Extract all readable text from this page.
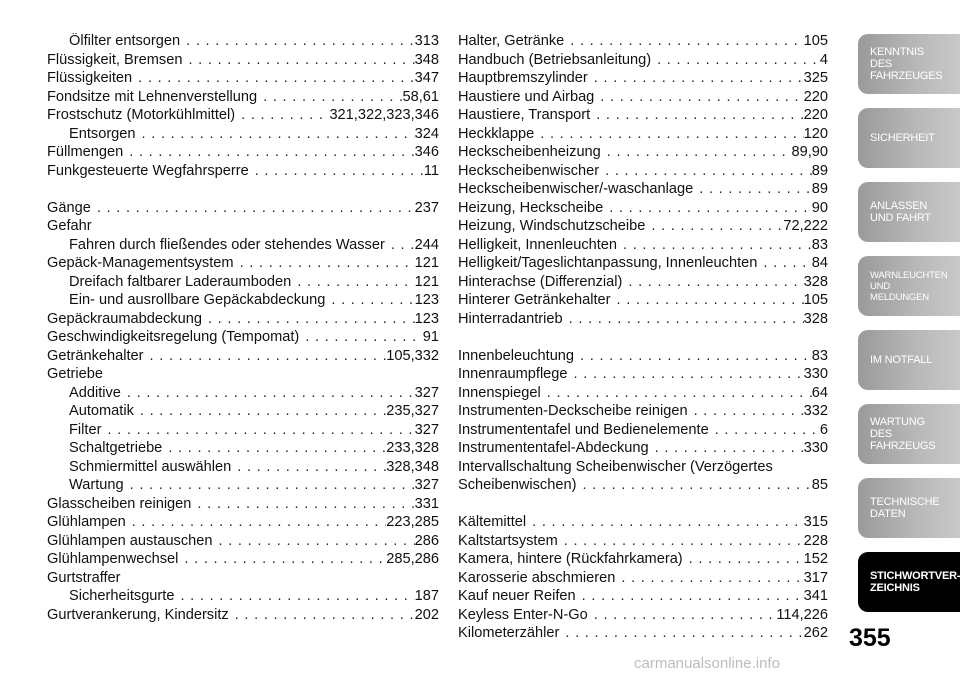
Ölfilter entsorgen . . .	313
Flüssigkeit, Bremsen . . .	348
Flüssigkeiten . . .	347
Fondsitze mit Lehnenverstellung . . .	58,61
Frostschutz (Motorkühlmittel) . . .	321,322,323,346
Entsorgen . . .	324
Füllmengen . . .	346
Funkgesteuerte Wegfahrsperre . . .	11
Gänge . . .	237
Gefahr
Fahren durch fließendes oder stehendes Wasser . . . 244
Gepäck-Managementsystem . . .	121
Dreifach faltbarer Laderaumboden . . .	121
Ein- und ausrollbare Gepäckabdeckung . . .	123
Gepäckraumabdeckung . . .	123
Geschwindigkeitsregelung (Tempomat) . . .	91
Getränkehalter . . .	105,332
Getriebe
Additive . . .	327
Automatik . . .	235,327
Filter . . .	327
Schaltgetriebe . . .	233,328
Schmiermittel auswählen . . .	328,348
Wartung . . .	327
Glasscheiben reinigen . . .	331
Glühlampen . . .	223,285
Glühlampen austauschen . . .	286
Glühlampenwechsel . . .	285,286
Gurtstraffer
Sicherheitsgurte . . .	187
Gurtverankerung, Kindersitz . . .	202
Halter, Getränke . . .	105
Handbuch (Betriebsanleitung) . . .	4
Hauptbremszylinder . . .	325
Haustiere und Airbag . . .	220
Haustiere, Transport . . .	220
Heckklappe . . .	120
Heckscheibenheizung . . .	89,90
Heckscheibenwischer . . .	89
Heckscheibenwischer/-waschanlage . . .	89
Heizung, Heckscheibe . . .	90
Heizung, Windschutzscheibe . . .	72,222
Helligkeit, Innenleuchten . . .	83
Helligkeit/Tageslichtanpassung, Innenleuchten . . .	84
Hinterachse (Differenzial) . . .	328
Hinterer Getränkehalter . . .	105
Hinterradantrieb . . .	328
Innenbeleuchtung . . .	83
Innenraumpflege . . .	330
Innenspiegel . . .	64
Instrumenten-Deckscheibe reinigen . . .	332
Instrumententafel und Bedienelemente . . .	6
Instrumententafel-Abdeckung . . .	330
Intervallschaltung Scheibenwischer (Verzögertes
Scheibenwischen) . . .	85
Kältemittel . . .	315
Kaltstartsystem . . .	228
Kamera, hintere (Rückfahrkamera) . . .	152
Karosserie abschmieren . . .	317
Kauf neuer Reifen . . .	341
Keyless Enter-N-Go . . .	114,226
Kilometerzähler . . .	262
KENNTNIS
DES
FAHRZEUGES
SICHERHEIT
ANLASSEN
UND FAHRT
WARNLEUCHTEN
UND
MELDUNGEN
IM NOTFALL
WARTUNG
DES
FAHRZEUGS
TECHNISCHE
DATEN
STICHWORTVER-
ZEICHNIS
355
carmanualsonline.info
